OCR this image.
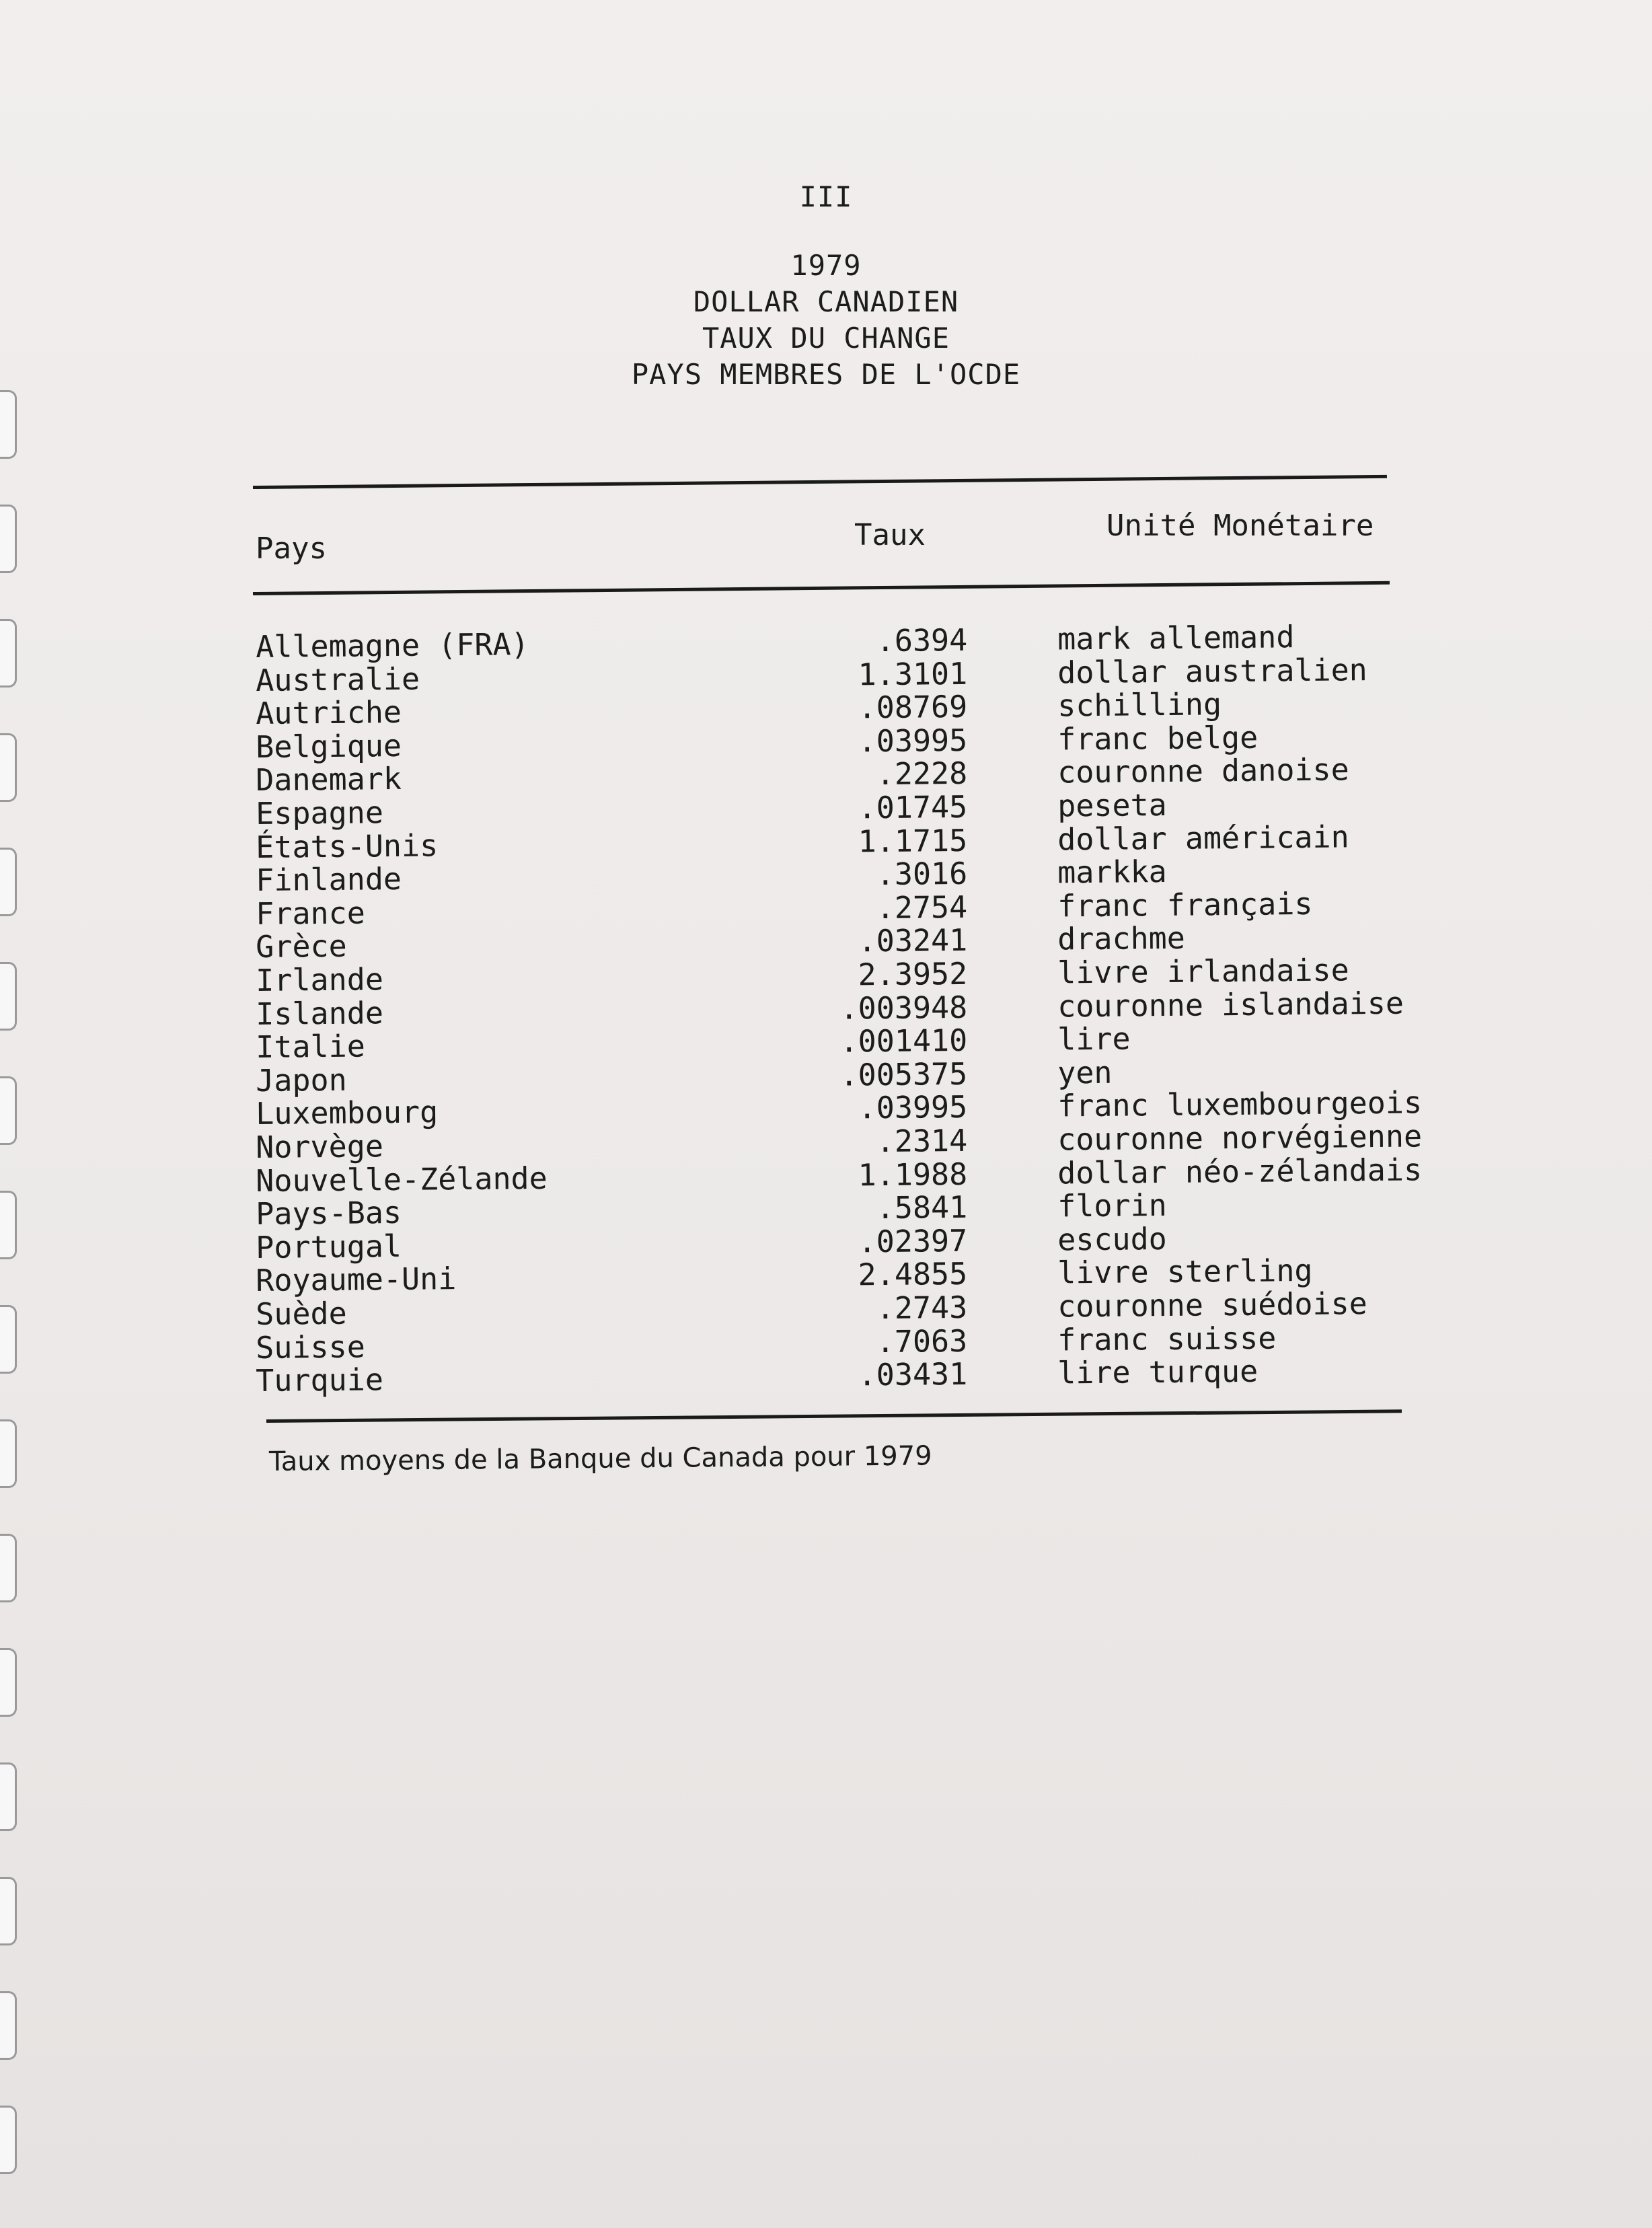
III
1979
DOLLAR CANADIEN
TAUX DU CHANGE
PAYS MEMBRES DE L'OCDE
Pays	Taux	Unité Monétaire
Allemagne (FRA)	.6394	mark allemand
Australie	1.3101	dollar australien
Autriche	.08769	schilling
Belgique	.03995	franc belge
Danemark	.2228	couronne danoise
Espagne	.01745	peseta
États-Unis	1.1715	dollar américain
Finlande	.3016	markka
France	.2754	franc français
Grèce	.03241	drachme
Irlande	2.3952	livre irlandaise
Islande	.003948	couronne islandaise
Italie	.001410	lire
Japon	.005375	yen
Luxembourg	.03995	franc luxembourgeois
Norvège	.2314	couronne norvégienne
Nouvelle-Zélande	1.1988	dollar néo-zélandais
Pays-Bas	.5841	florin
Portugal	.02397	escudo
Royaume-Uni	2.4855	livre sterling
Suède	.2743	couronne suédoise
Suisse	.7063	franc suisse
Turquie	.03431	lire turque
Taux moyens de la Banque du Canada pour 1979
